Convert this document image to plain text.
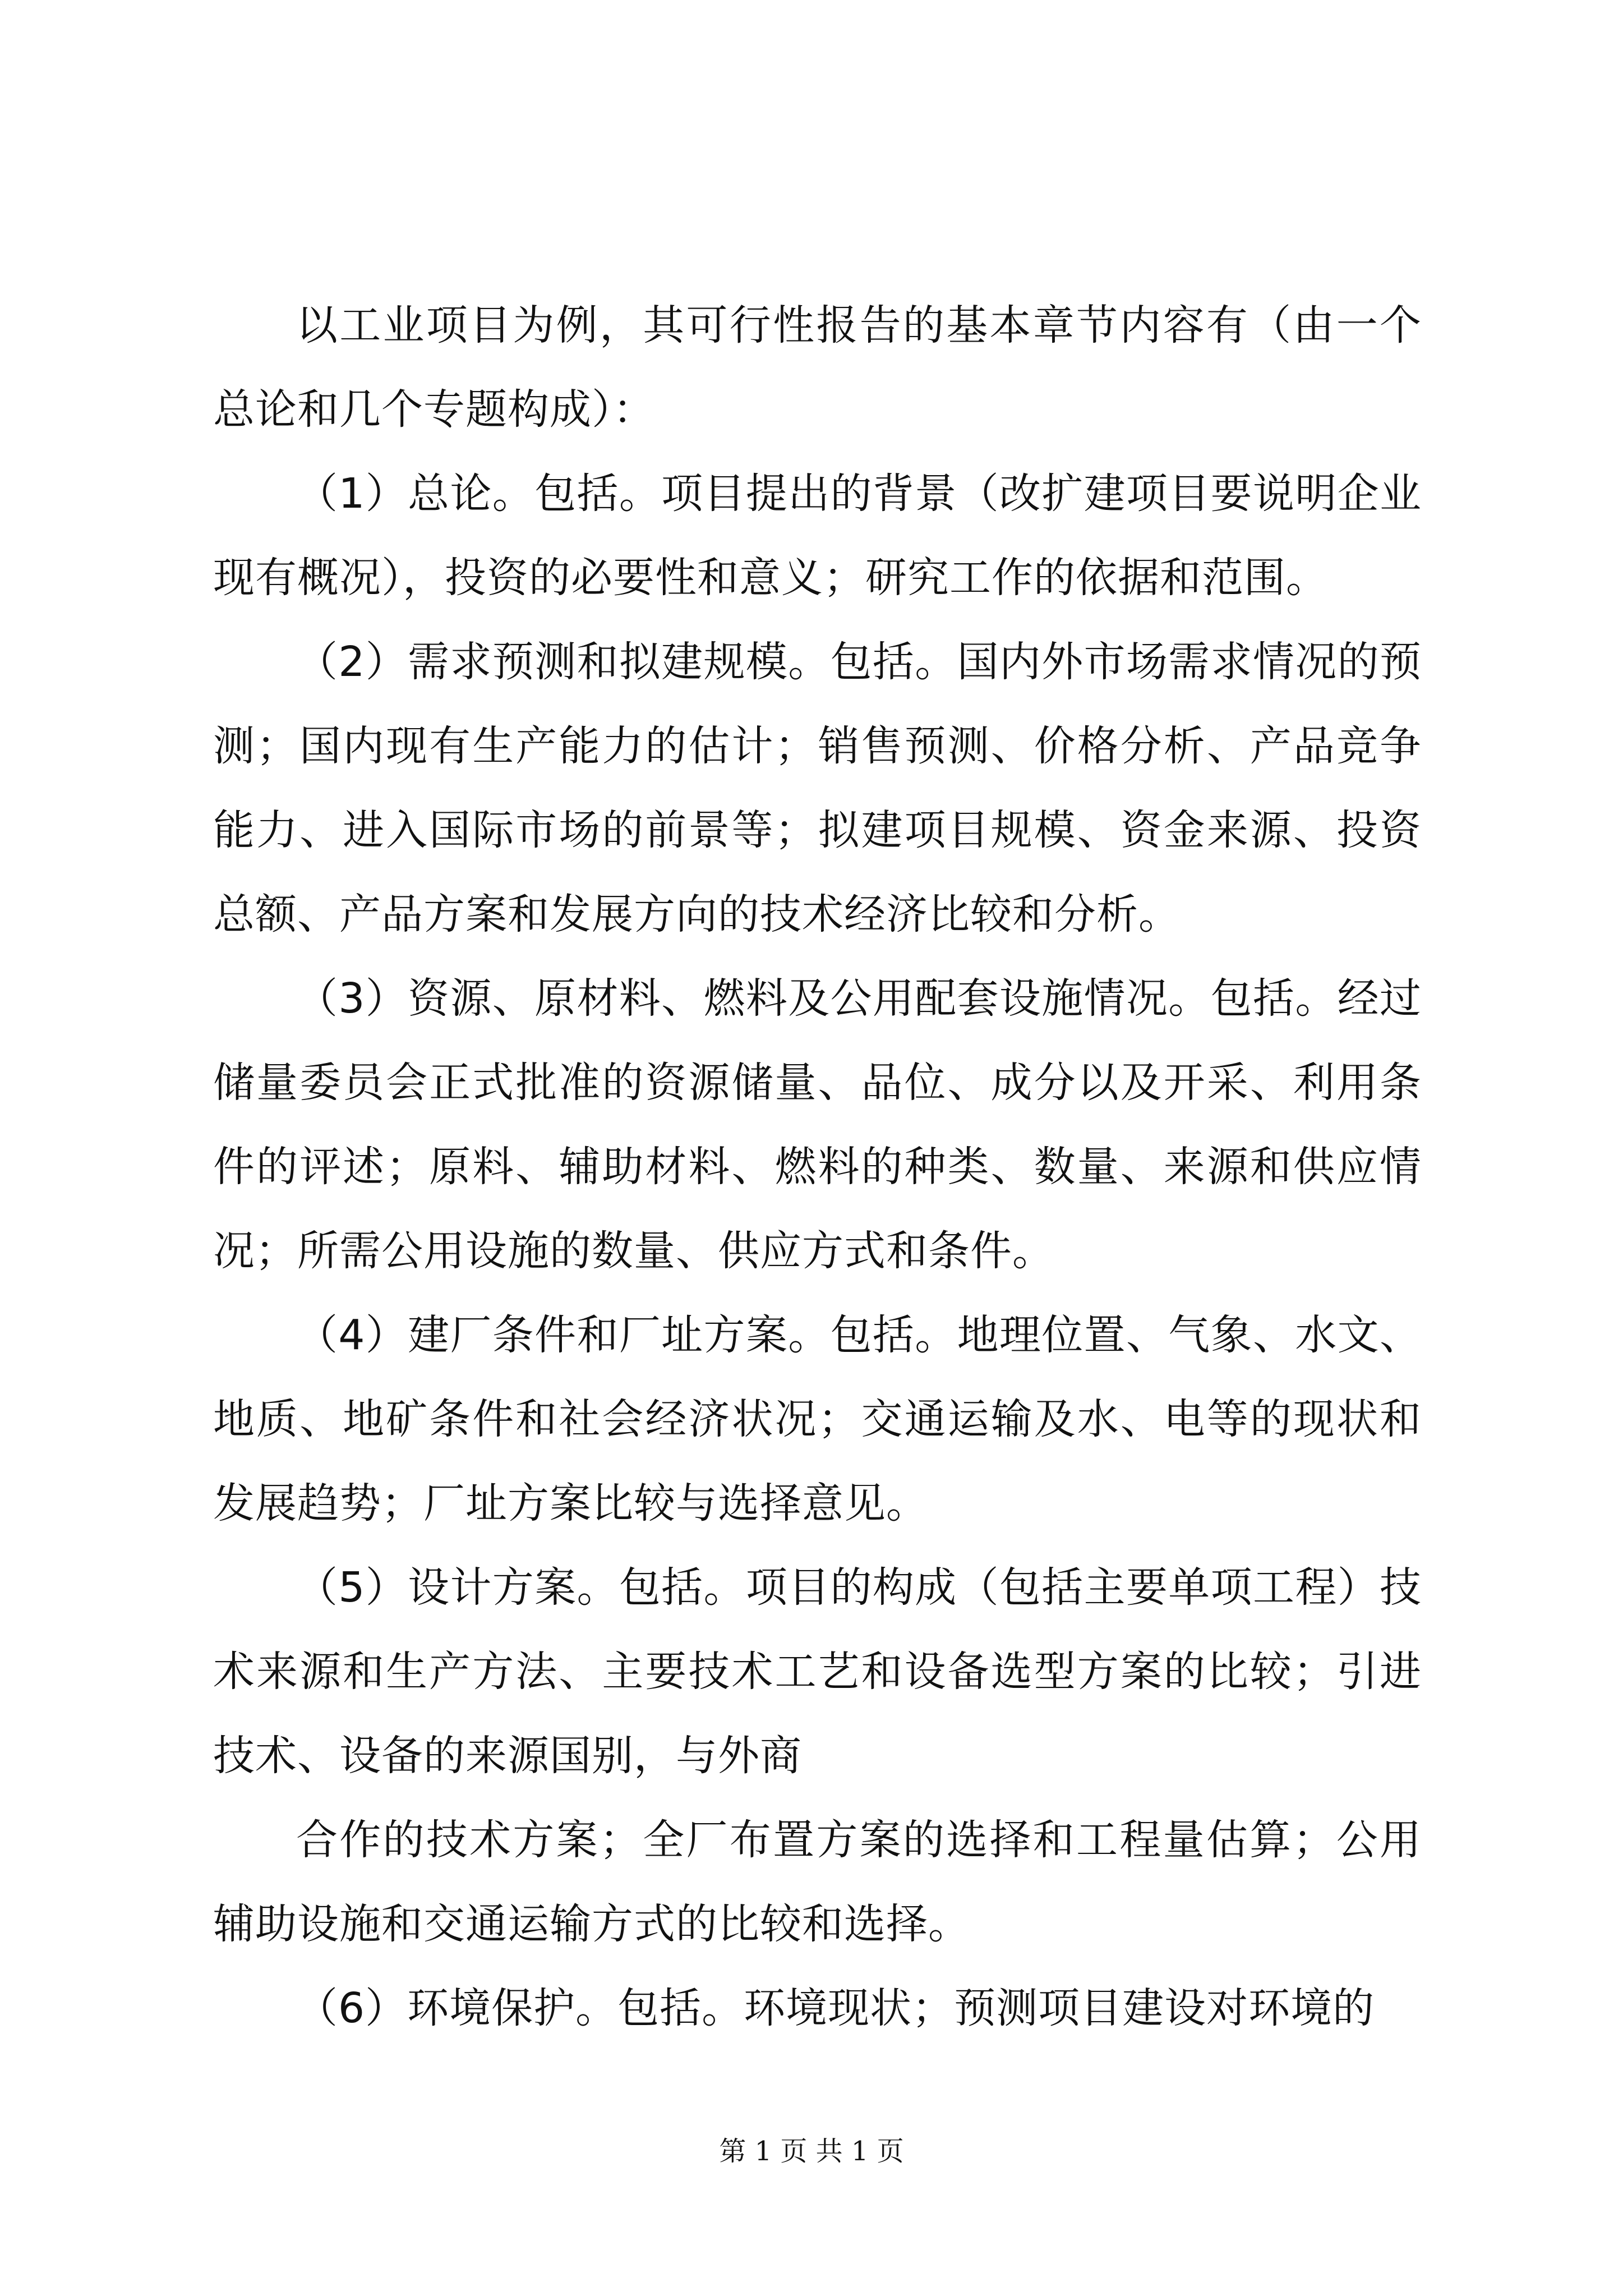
以工业项目为例，其可行性报告的基本章节内容有（由一个总论和几个专题构成）：

（1）总论。包括。项目提出的背景（改扩建项目要说明企业现有概况），投资的必要性和意义；研究工作的依据和范围。

（2）需求预测和拟建规模。包括。国内外市场需求情况的预测；国内现有生产能力的估计；销售预测、价格分析、产品竞争能力、进入国际市场的前景等；拟建项目规模、资金来源、投资总额、产品方案和发展方向的技术经济比较和分析。

（3）资源、原材料、燃料及公用配套设施情况。包括。经过储量委员会正式批准的资源储量、品位、成分以及开采、利用条件的评述；原料、辅助材料、燃料的种类、数量、来源和供应情况；所需公用设施的数量、供应方式和条件。

（4）建厂条件和厂址方案。包括。地理位置、气象、水文、地质、地矿条件和社会经济状况；交通运输及水、电等的现状和发展趋势；厂址方案比较与选择意见。

（5）设计方案。包括。项目的构成（包括主要单项工程）技术来源和生产方法、主要技术工艺和设备选型方案的比较；引进技术、设备的来源国别，与外商

合作的技术方案；全厂布置方案的选择和工程量估算；公用辅助设施和交通运输方式的比较和选择。

（6）环境保护。包括。环境现状；预测项目建设对环境的

第 1 页 共 1 页
